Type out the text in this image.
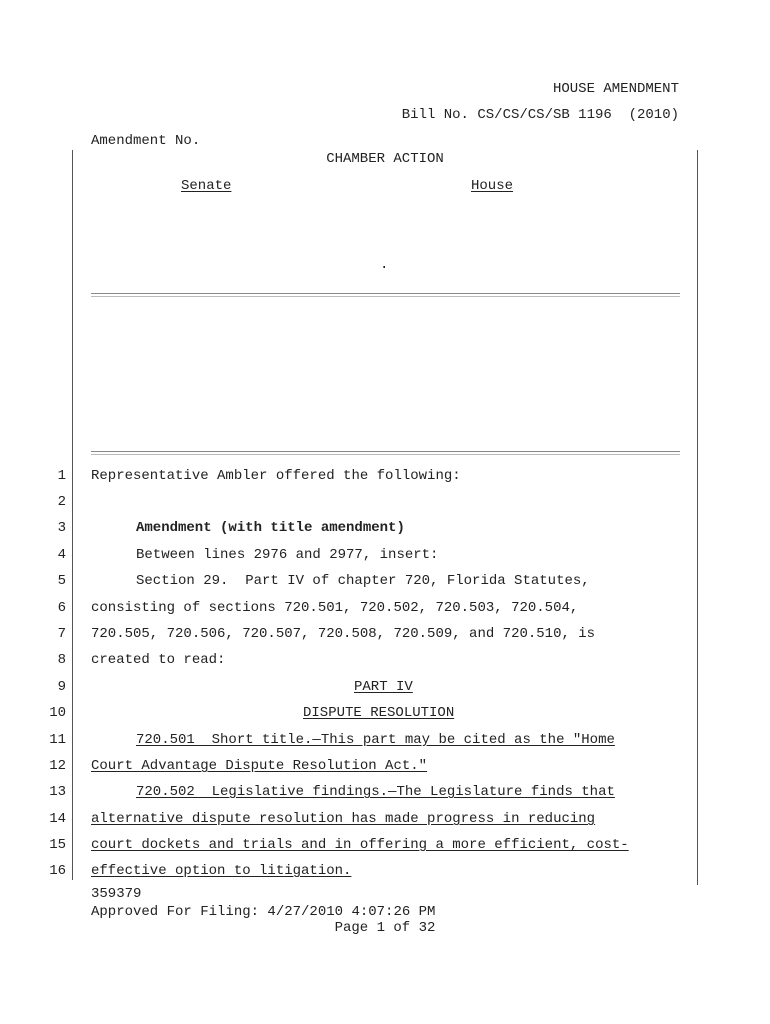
HOUSE AMENDMENT
Bill No. CS/CS/CS/SB 1196  (2010)
Amendment No.
CHAMBER ACTION
Senate	House
.
1 Representative Ambler offered the following:
2
3	Amendment (with title amendment)
4	Between lines 2976 and 2977, insert:
5	Section 29.  Part IV of chapter 720, Florida Statutes,
6 consisting of sections 720.501, 720.502, 720.503, 720.504,
7 720.505, 720.506, 720.507, 720.508, 720.509, and 720.510, is
8 created to read:
9	PART IV
10	DISPUTE RESOLUTION
11	720.501  Short title.—This part may be cited as the "Home
12 Court Advantage Dispute Resolution Act."
13	720.502  Legislative findings.—The Legislature finds that
14 alternative dispute resolution has made progress in reducing
15 court dockets and trials and in offering a more efficient, cost-
16 effective option to litigation.
359379
Approved For Filing: 4/27/2010 4:07:26 PM
Page 1 of 32
